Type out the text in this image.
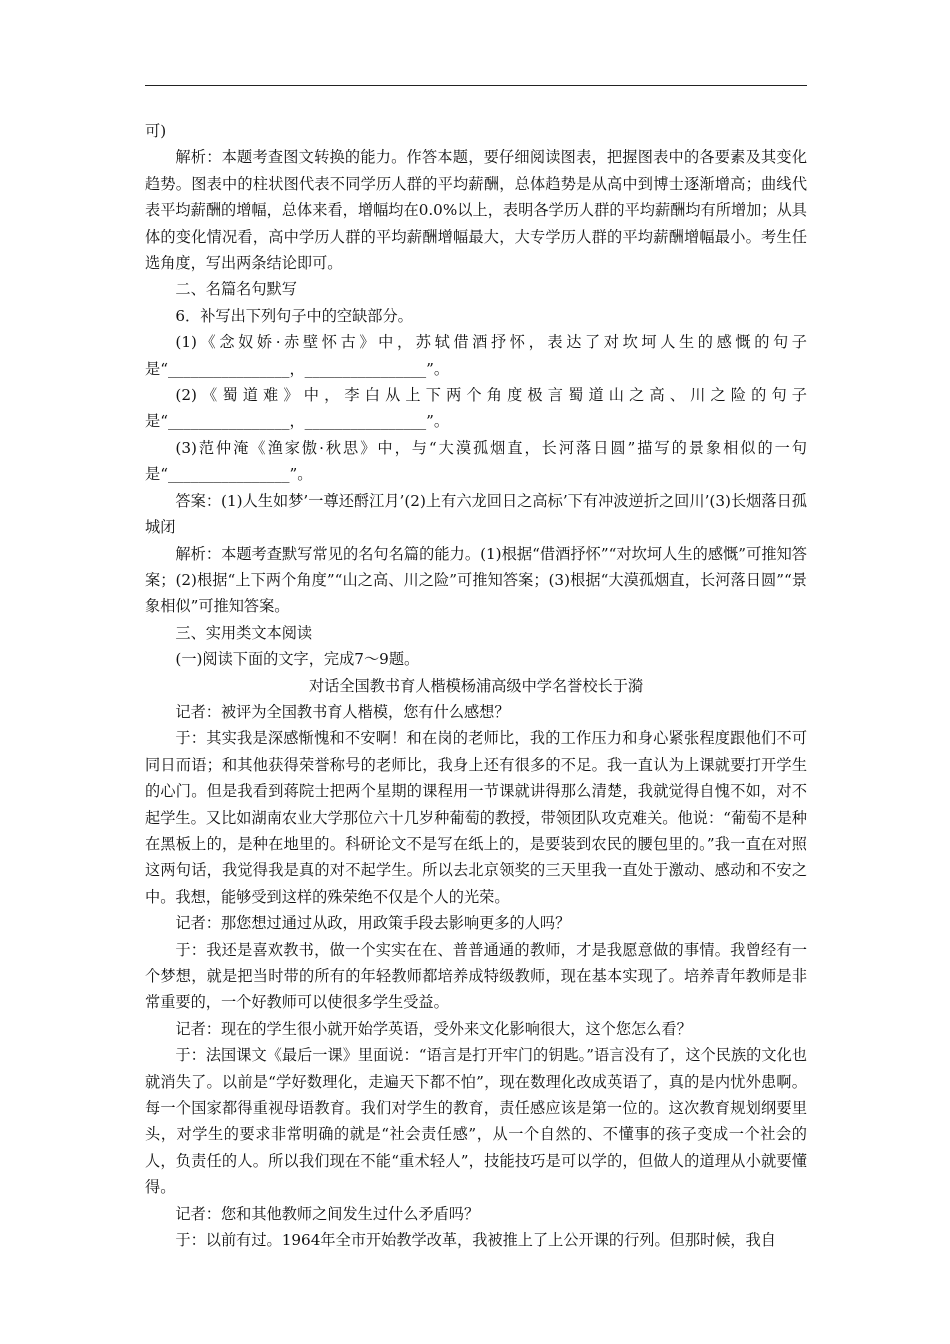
可)

解析：本题考查图文转换的能力。作答本题，要仔细阅读图表，把握图表中的各要素及其变化趋势。图表中的柱状图代表不同学历人群的平均薪酬，总体趋势是从高中到博士逐渐增高；曲线代表平均薪酬的增幅，总体来看，增幅均在0.0%以上，表明各学历人群的平均薪酬均有所增加；从具体的变化情况看，高中学历人群的平均薪酬增幅最大，大专学历人群的平均薪酬增幅最小。考生任选角度，写出两条结论即可。

二、名篇名句默写

6．补写出下列句子中的空缺部分。

(1)《念奴娇·赤壁怀古》中，苏轼借酒抒怀，表达了对坎坷人生的感慨的句子是“________________，________________”。

(2)《蜀道难》中，李白从上下两个角度极言蜀道山之高、川之险的句子是“________________，________________”。

(3)范仲淹《渔家傲·秋思》中，与“大漠孤烟直，长河落日圆”描写的景象相似的一句是“________________”。

答案：(1)人生如梦’一尊还酹江月’(2)上有六龙回日之高标’下有冲波逆折之回川’(3)长烟落日孤城闭

解析：本题考查默写常见的名句名篇的能力。(1)根据“借酒抒怀”“对坎坷人生的感慨”可推知答案；(2)根据“上下两个角度”“山之高、川之险”可推知答案；(3)根据“大漠孤烟直，长河落日圆”“景象相似”可推知答案。

三、实用类文本阅读

(一)阅读下面的文字，完成7～9题。

对话全国教书育人楷模杨浦高级中学名誉校长于漪

记者：被评为全国教书育人楷模，您有什么感想？

于：其实我是深感惭愧和不安啊！和在岗的老师比，我的工作压力和身心紧张程度跟他们不可同日而语；和其他获得荣誉称号的老师比，我身上还有很多的不足。我一直认为上课就要打开学生的心门。但是我看到蒋院士把两个星期的课程用一节课就讲得那么清楚，我就觉得自愧不如，对不起学生。又比如湖南农业大学那位六十几岁种葡萄的教授，带领团队攻克难关。他说：“葡萄不是种在黑板上的，是种在地里的。科研论文不是写在纸上的，是要装到农民的腰包里的。”我一直在对照这两句话，我觉得我是真的对不起学生。所以去北京领奖的三天里我一直处于激动、感动和不安之中。我想，能够受到这样的殊荣绝不仅是个人的光荣。

记者：那您想过通过从政，用政策手段去影响更多的人吗？

于：我还是喜欢教书，做一个实实在在、普普通通的教师，才是我愿意做的事情。我曾经有一个梦想，就是把当时带的所有的年轻教师都培养成特级教师，现在基本实现了。培养青年教师是非常重要的，一个好教师可以使很多学生受益。

记者：现在的学生很小就开始学英语，受外来文化影响很大，这个您怎么看？

于：法国课文《最后一课》里面说：“语言是打开牢门的钥匙。”语言没有了，这个民族的文化也就消失了。以前是“学好数理化，走遍天下都不怕”，现在数理化改成英语了，真的是内忧外患啊。每一个国家都得重视母语教育。我们对学生的教育，责任感应该是第一位的。这次教育规划纲要里头，对学生的要求非常明确的就是“社会责任感”，从一个自然的、不懂事的孩子变成一个社会的人，负责任的人。所以我们现在不能“重术轻人”，技能技巧是可以学的，但做人的道理从小就要懂得。

记者：您和其他教师之间发生过什么矛盾吗？

于：以前有过。1964年全市开始教学改革，我被推上了上公开课的行列。但那时候，我自
